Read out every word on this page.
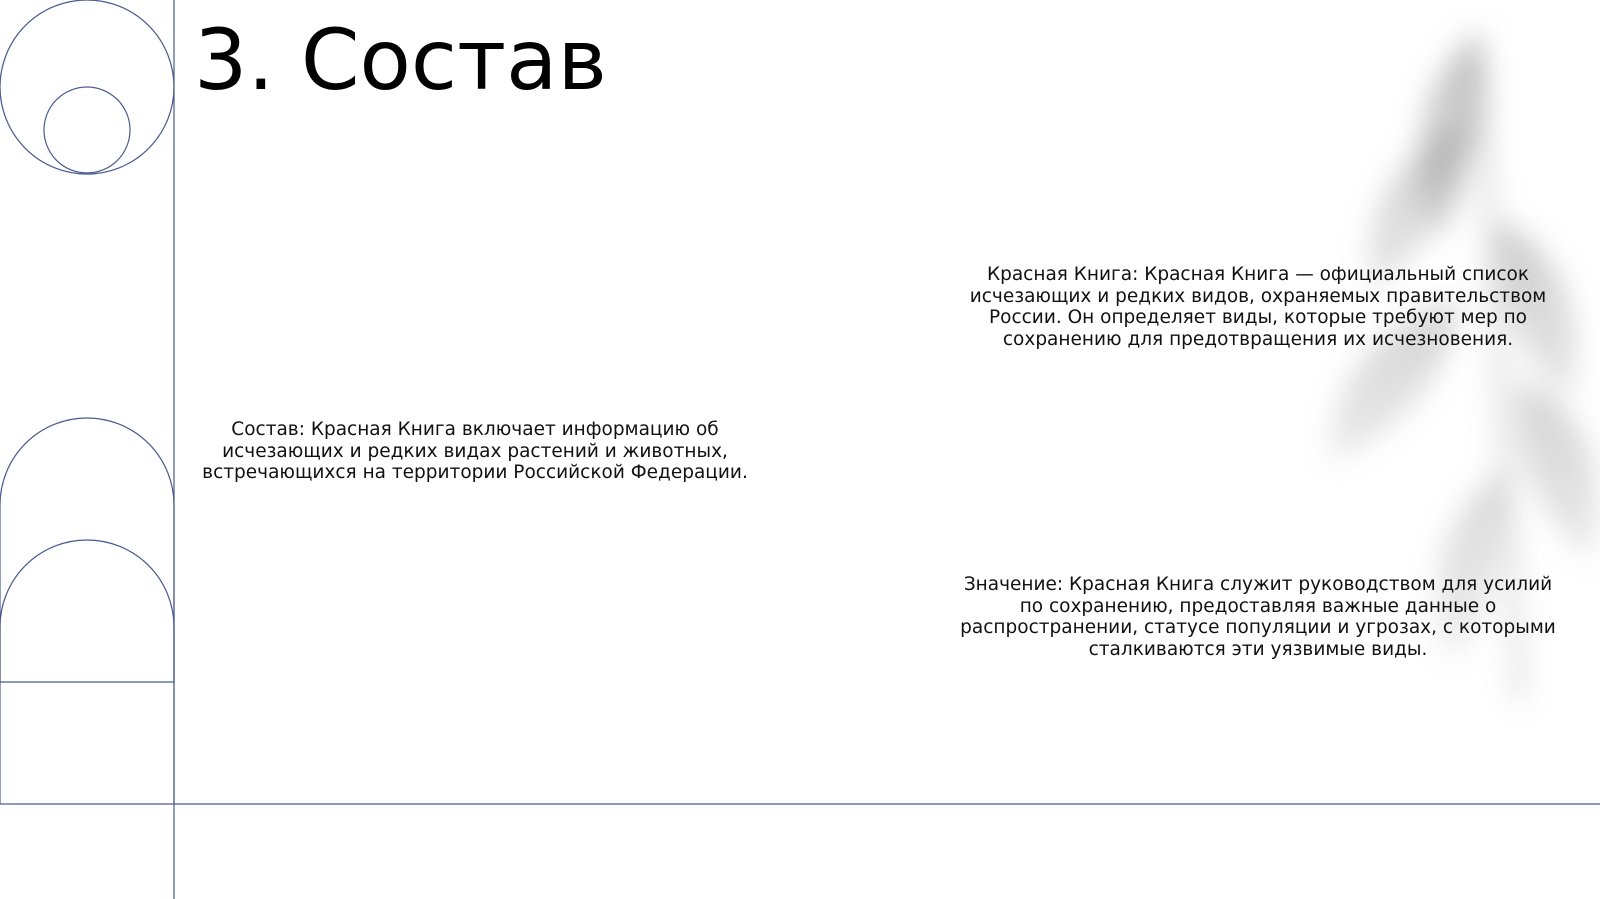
3. Состав

Состав: Красная Книга включает информацию об исчезающих и редких видах растений и животных, встречающихся на территории Российской Федерации.

Красная Книга: Красная Книга — официальный список исчезающих и редких видов, охраняемых правительством России. Он определяет виды, которые требуют мер по сохранению для предотвращения их исчезновения.

Значение: Красная Книга служит руководством для усилий по сохранению, предоставляя важные данные о распространении, статусе популяции и угрозах, с которыми сталкиваются эти уязвимые виды.
